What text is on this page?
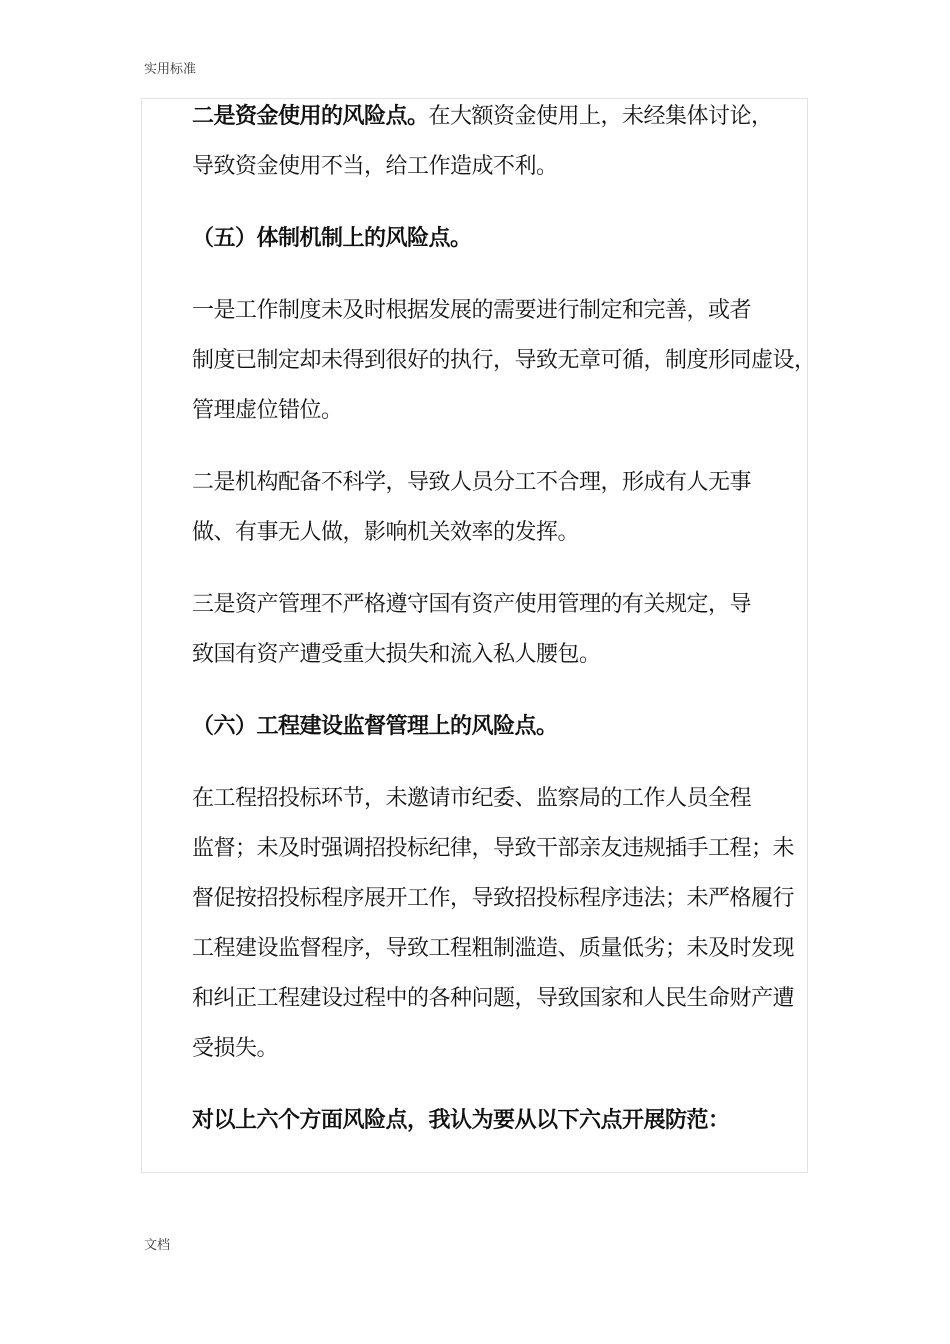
实用标准

二是资金使用的风险点。在大额资金使用上，未经集体讨论，
导致资金使用不当，给工作造成不利。

（五）体制机制上的风险点。

一是工作制度未及时根据发展的需要进行制定和完善，或者
制度已制定却未得到很好的执行，导致无章可循，制度形同虚设，
管理虚位错位。

二是机构配备不科学，导致人员分工不合理，形成有人无事
做、有事无人做，影响机关效率的发挥。

三是资产管理不严格遵守国有资产使用管理的有关规定，导
致国有资产遭受重大损失和流入私人腰包。

（六）工程建设监督管理上的风险点。

在工程招投标环节，未邀请市纪委、监察局的工作人员全程
监督；未及时强调招投标纪律，导致干部亲友违规插手工程；未
督促按招投标程序展开工作，导致招投标程序违法；未严格履行
工程建设监督程序，导致工程粗制滥造、质量低劣；未及时发现
和纠正工程建设过程中的各种问题，导致国家和人民生命财产遭
受损失。

对以上六个方面风险点，我认为要从以下六点开展防范：

文档
